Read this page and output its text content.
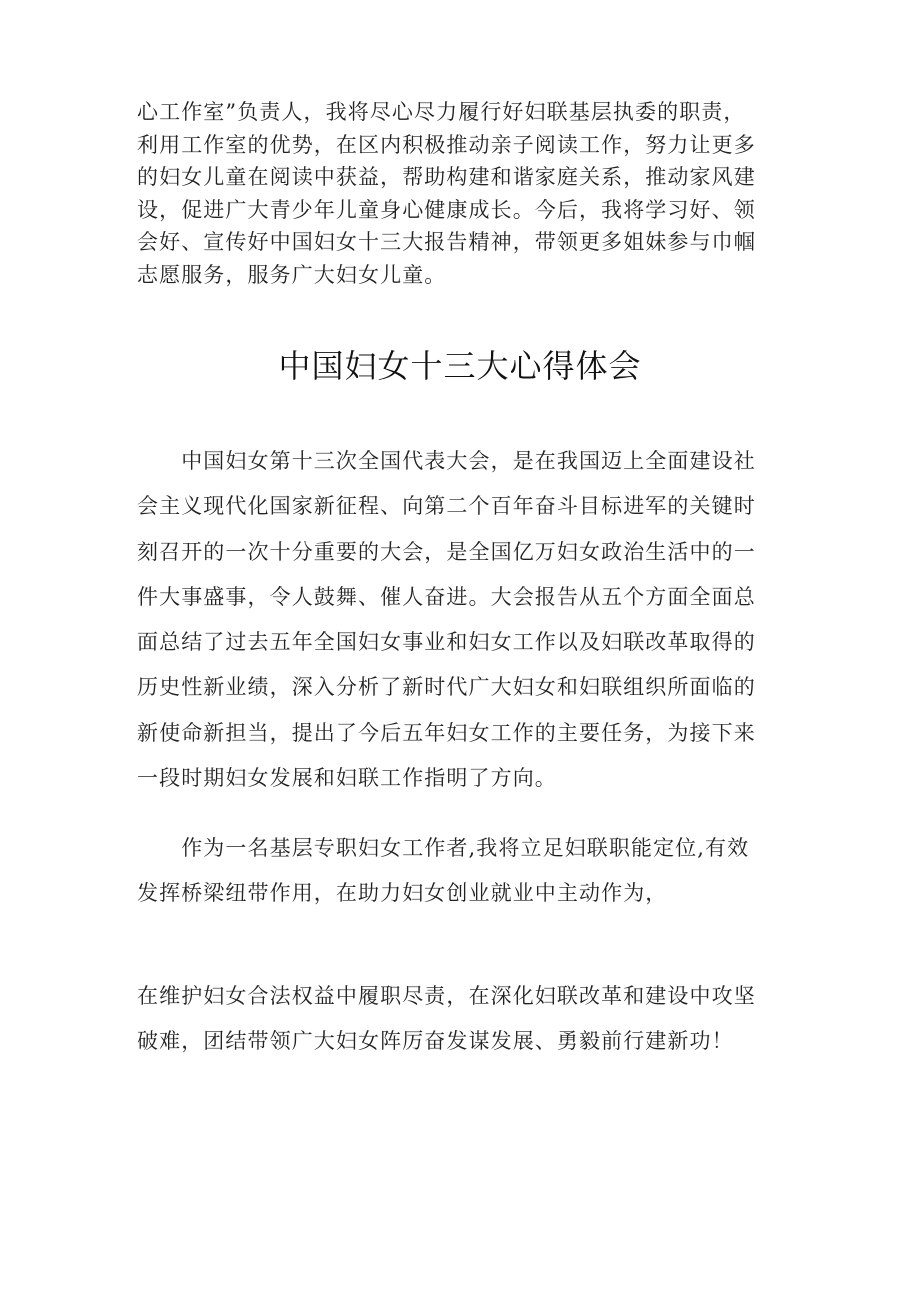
心工作室”负责人，我将尽心尽力履行好妇联基层执委的职责，
利用工作室的优势，在区内积极推动亲子阅读工作，努力让更多
的妇女儿童在阅读中获益，帮助构建和谐家庭关系，推动家风建
设，促进广大青少年儿童身心健康成长。今后，我将学习好、领
会好、宣传好中国妇女十三大报告精神，带领更多姐妹参与巾帼
志愿服务，服务广大妇女儿童。

中国妇女十三大心得体会

　　中国妇女第十三次全国代表大会，是在我国迈上全面建设社
会主义现代化国家新征程、向第二个百年奋斗目标进军的关键时
刻召开的一次十分重要的大会，是全国亿万妇女政治生活中的一
件大事盛事，令人鼓舞、催人奋进。大会报告从五个方面全面总
面总结了过去五年全国妇女事业和妇女工作以及妇联改革取得的
历史性新业绩，深入分析了新时代广大妇女和妇联组织所面临的
新使命新担当，提出了今后五年妇女工作的主要任务，为接下来
一段时期妇女发展和妇联工作指明了方向。

　　作为一名基层专职妇女工作者,我将立足妇联职能定位,有效
发挥桥梁纽带作用，在助力妇女创业就业中主动作为，

在维护妇女合法权益中履职尽责，在深化妇联改革和建设中攻坚
破难，团结带领广大妇女阵厉奋发谋发展、勇毅前行建新功！
